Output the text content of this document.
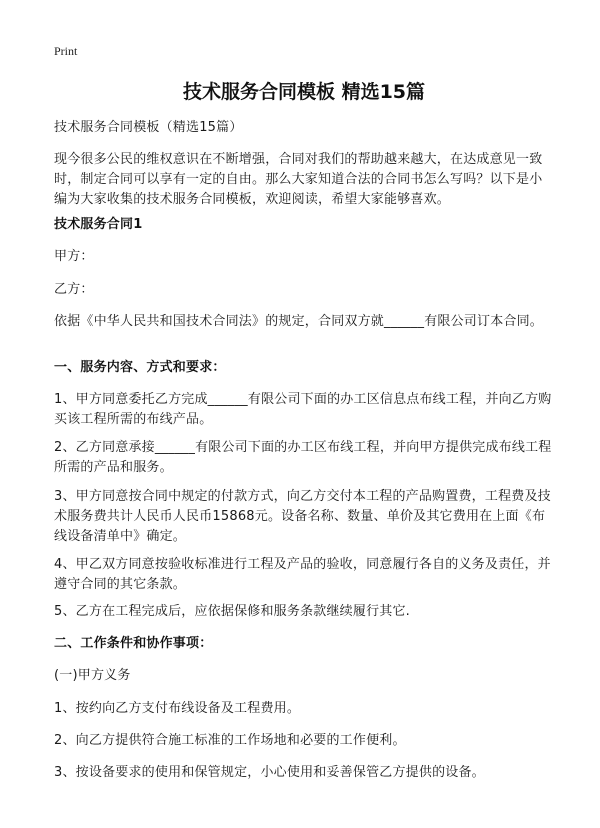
Print
技术服务合同模板 精选15篇
技术服务合同模板（精选15篇）
现今很多公民的维权意识在不断增强，合同对我们的帮助越来越大，在达成意见一致时，制定合同可以享有一定的自由。那么大家知道合法的合同书怎么写吗？以下是小编为大家收集的技术服务合同模板，欢迎阅读，希望大家能够喜欢。
技术服务合同1
甲方：
乙方：
依据《中华人民共和国技术合同法》的规定，合同双方就______有限公司订本合同。
一、服务内容、方式和要求：
1、甲方同意委托乙方完成______有限公司下面的办工区信息点布线工程，并向乙方购买该工程所需的布线产品。
2、乙方同意承接______有限公司下面的办工区布线工程，并向甲方提供完成布线工程所需的产品和服务。
3、甲方同意按合同中规定的付款方式，向乙方交付本工程的产品购置费，工程费及技术服务费共计人民币人民币15868元。设备名称、数量、单价及其它费用在上面《布线设备清单中》确定。
4、甲乙双方同意按验收标准进行工程及产品的验收，同意履行各自的义务及责任，并遵守合同的其它条款。
5、乙方在工程完成后，应依据保修和服务条款继续履行其它.
二、工作条件和协作事项：
(一)甲方义务
1、按约向乙方支付布线设备及工程费用。
2、向乙方提供符合施工标准的工作场地和必要的工作便利。
3、按设备要求的使用和保管规定，小心使用和妥善保管乙方提供的设备。
